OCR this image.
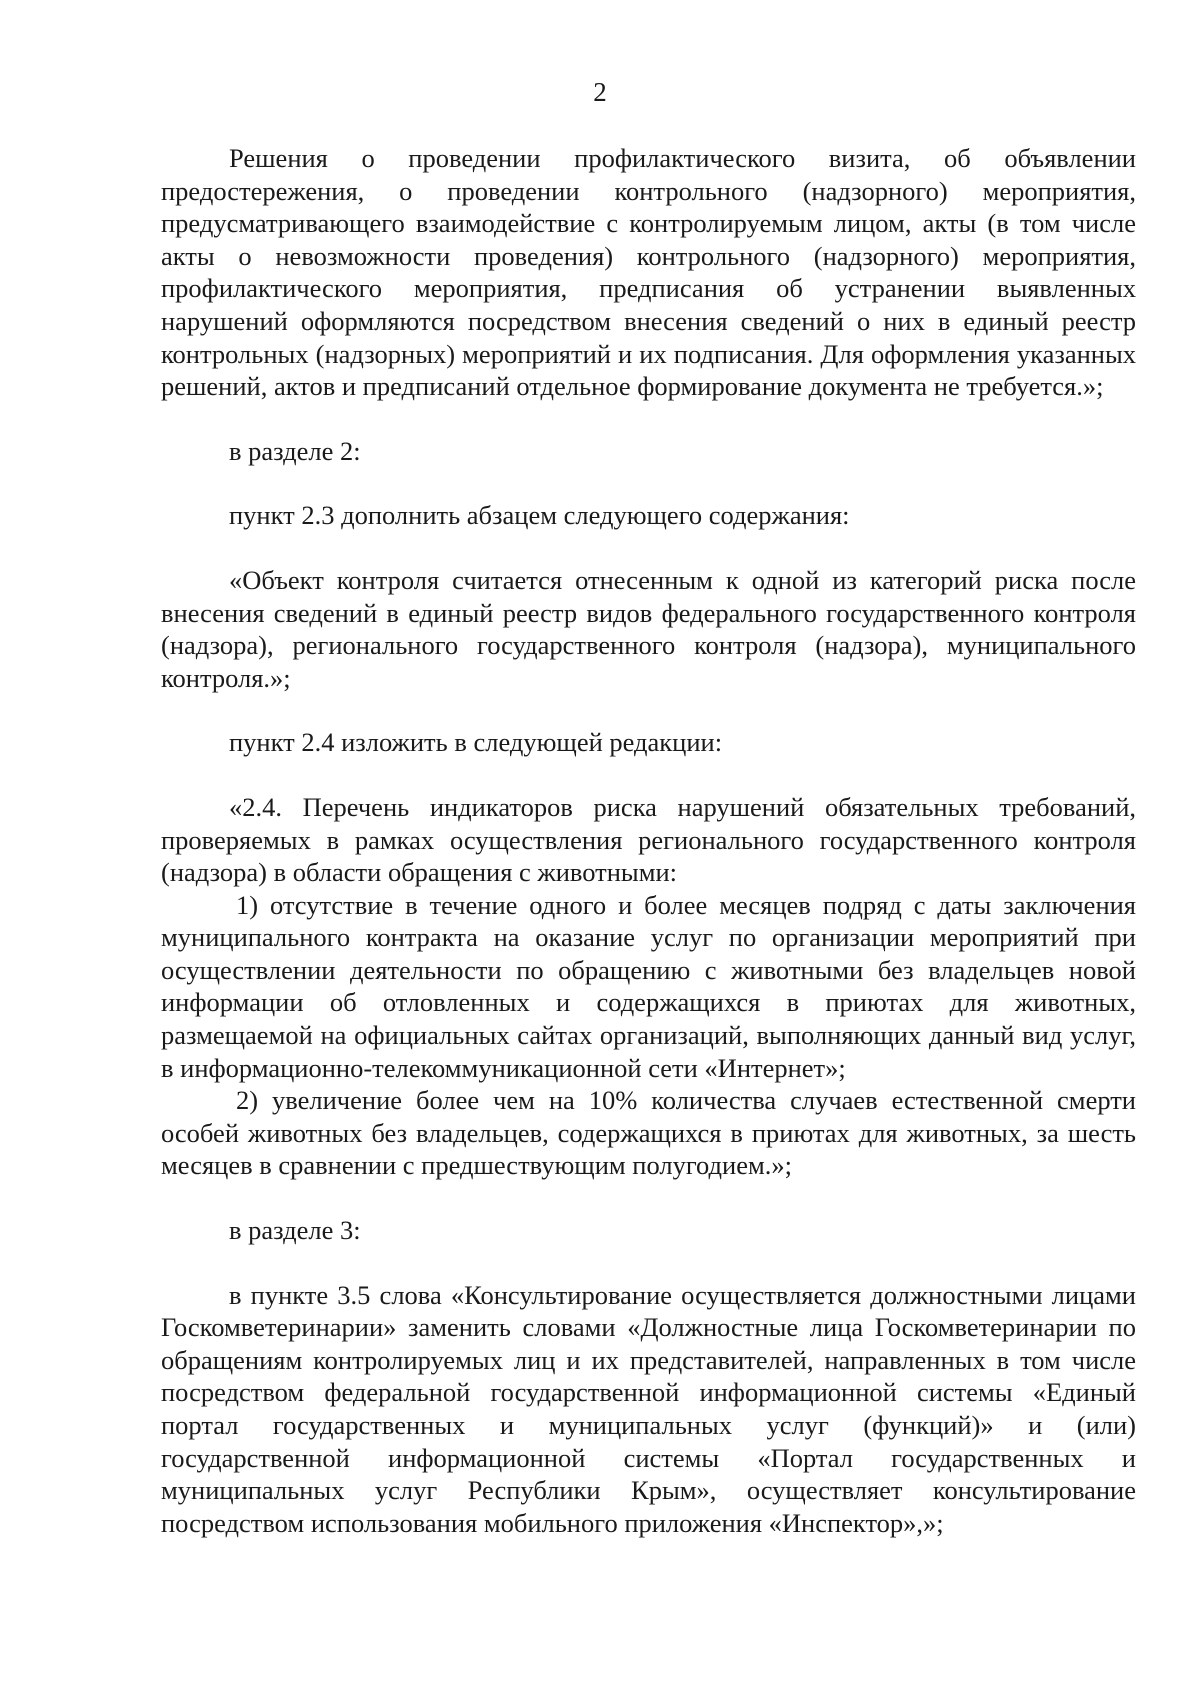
2

Решения о проведении профилактического визита, об объявлении предостережения, о проведении контрольного (надзорного) мероприятия, предусматривающего взаимодействие с контролируемым лицом, акты (в том числе акты о невозможности проведения) контрольного (надзорного) мероприятия, профилактического мероприятия, предписания об устранении выявленных нарушений оформляются посредством внесения сведений о них в единый реестр контрольных (надзорных) мероприятий и их подписания. Для оформления указанных решений, актов и предписаний отдельное формирование документа не требуется.»;

в разделе 2:

пункт 2.3 дополнить абзацем следующего содержания:

«Объект контроля считается отнесенным к одной из категорий риска после внесения сведений в единый реестр видов федерального государственного контроля (надзора), регионального государственного контроля (надзора), муниципального контроля.»;

пункт 2.4 изложить в следующей редакции:

«2.4. Перечень индикаторов риска нарушений обязательных требований, проверяемых в рамках осуществления регионального государственного контроля (надзора) в области обращения с животными:

1) отсутствие в течение одного и более месяцев подряд с даты заключения муниципального контракта на оказание услуг по организации мероприятий при осуществлении деятельности по обращению с животными без владельцев новой информации об отловленных и содержащихся в приютах для животных, размещаемой на официальных сайтах организаций, выполняющих данный вид услуг, в информационно-телекоммуникационной сети «Интернет»;

2) увеличение более чем на 10% количества случаев естественной смерти особей животных без владельцев, содержащихся в приютах для животных, за шесть месяцев в сравнении с предшествующим полугодием.»;

в разделе 3:

в пункте 3.5 слова «Консультирование осуществляется должностными лицами Госкомветеринарии» заменить словами «Должностные лица Госкомветеринарии по обращениям контролируемых лиц и их представителей, направленных в том числе посредством федеральной государственной информационной системы «Единый портал государственных и муниципальных услуг (функций)» и (или) государственной информационной системы «Портал государственных и муниципальных услуг Республики Крым», осуществляет консультирование посредством использования мобильного приложения «Инспектор»,»;
